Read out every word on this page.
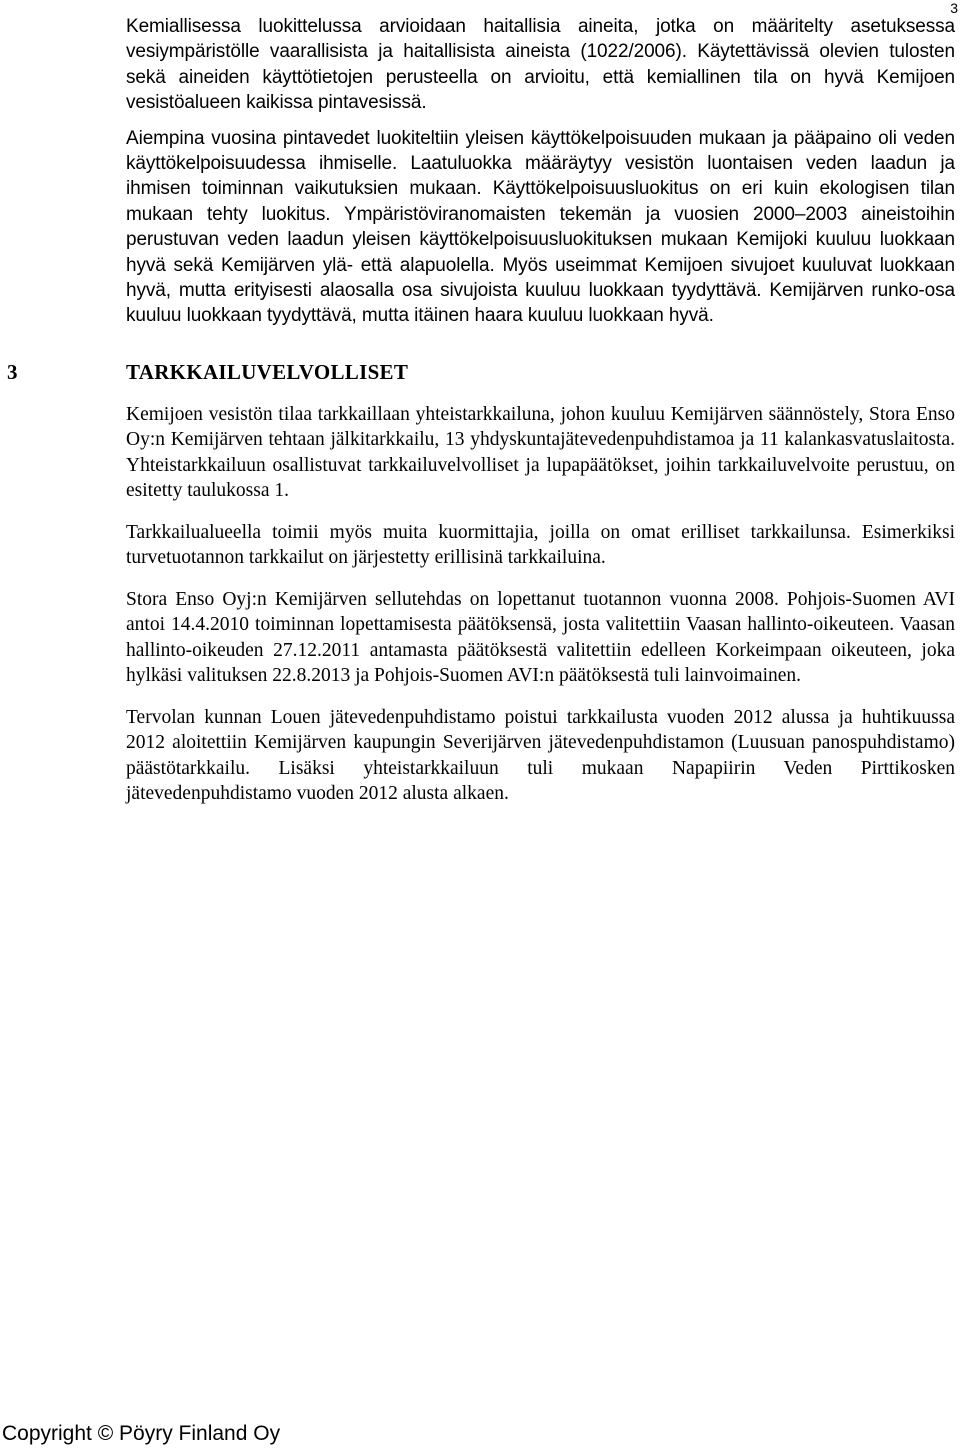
3

Kemiallisessa luokittelussa arvioidaan haitallisia aineita, jotka on määritelty asetuksessa vesiympäristölle vaarallisista ja haitallisista aineista (1022/2006). Käytettävissä olevien tulosten sekä aineiden käyttötietojen perusteella on arvioitu, että kemiallinen tila on hyvä Kemijoen vesistöalueen kaikissa pintavesissä.

Aiempina vuosina pintavedet luokiteltiin yleisen käyttökelpoisuuden mukaan ja pääpaino oli veden käyttökelpoisuudessa ihmiselle. Laatuluokka määräytyy vesistön luontaisen veden laadun ja ihmisen toiminnan vaikutuksien mukaan. Käyttökelpoisuusluokitus on eri kuin ekologisen tilan mukaan tehty luokitus. Ympäristöviranomaisten tekemän ja vuosien 2000–2003 aineistoihin perustuvan veden laadun yleisen käyttökelpoisuusluokituksen mukaan Kemijoki kuuluu luokkaan hyvä sekä Kemijärven ylä- että alapuolella. Myös useimmat Kemijoen sivujoet kuuluvat luokkaan hyvä, mutta erityisesti alaosalla osa sivujoista kuuluu luokkaan tyydyttävä. Kemijärven runko-osa kuuluu luokkaan tyydyttävä, mutta itäinen haara kuuluu luokkaan hyvä.

3	TARKKAILUVELVOLLISET

Kemijoen vesistön tilaa tarkkaillaan yhteistarkkailuna, johon kuuluu Kemijärven säännöstely, Stora Enso Oy:n Kemijärven tehtaan jälkitarkkailu, 13 yhdyskuntajätevedenpuhdistamoa ja 11 kalankasvatuslaitosta. Yhteistarkkailuun osallistuvat tarkkailuvelvolliset ja lupapäätökset, joihin tarkkailuvelvoite perustuu, on esitetty taulukossa 1.

Tarkkailualueella toimii myös muita kuormittajia, joilla on omat erilliset tarkkailunsa. Esimerkiksi turvetuotannon tarkkailut on järjestetty erillisinä tarkkailuina.

Stora Enso Oyj:n Kemijärven sellutehdas on lopettanut tuotannon vuonna 2008. Pohjois-Suomen AVI antoi 14.4.2010 toiminnan lopettamisesta päätöksensä, josta valitettiin Vaasan hallinto-oikeuteen. Vaasan hallinto-oikeuden 27.12.2011 antamasta päätöksestä valitettiin edelleen Korkeimpaan oikeuteen, joka hylkäsi valituksen 22.8.2013 ja Pohjois-Suomen AVI:n päätöksestä tuli lainvoimainen.

Tervolan kunnan Louen jätevedenpuhdistamo poistui tarkkailusta vuoden 2012 alussa ja huhtikuussa 2012 aloitettiin Kemijärven kaupungin Severijärven jätevedenpuhdistamon (Luusuan panospuhdistamo) päästötarkkailu. Lisäksi yhteistarkkailuun tuli mukaan Napapiirin Veden Pirttikosken jätevedenpuhdistamo vuoden 2012 alusta alkaen.

Copyright © Pöyry Finland Oy
